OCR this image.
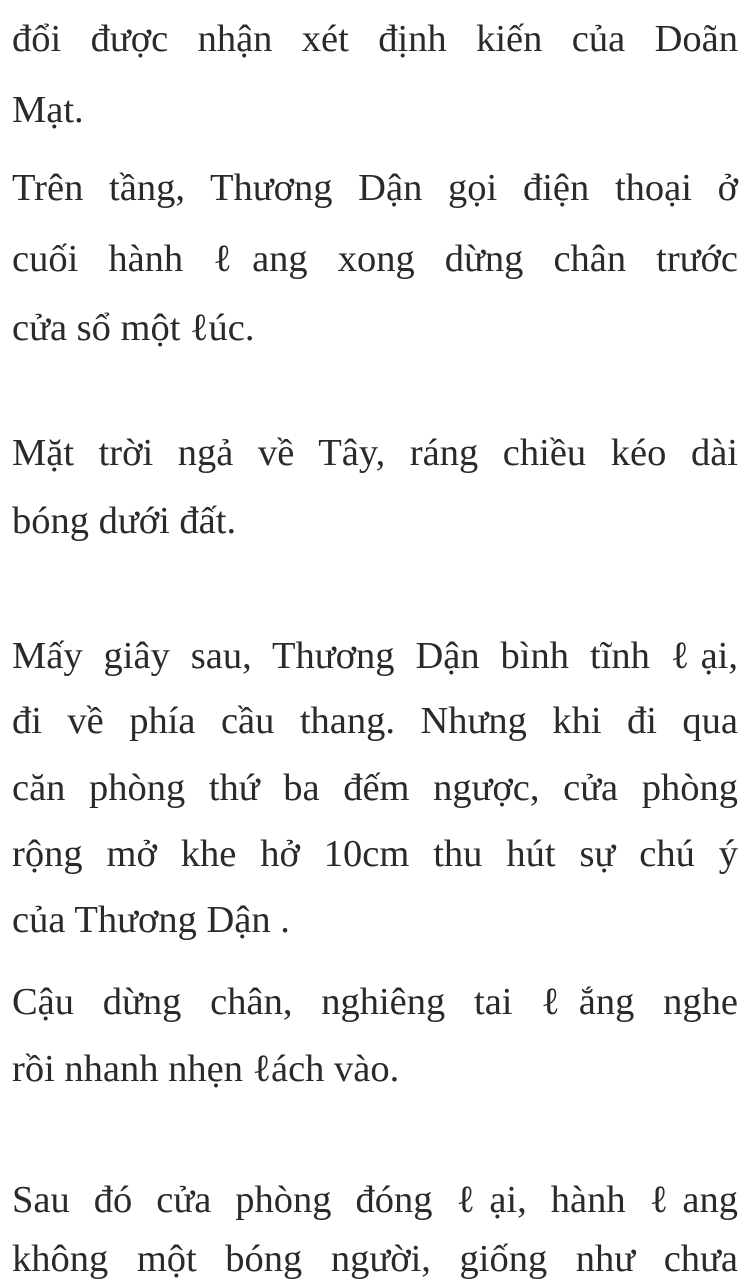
đổi được nhận xét định kiến của Doãn

Mạt.

Trên tầng, Thương Dận gọi điện thoại ở

cuối hành ℓang xong dừng chân trước

cửa sổ một ℓúc.

Mặt trời ngả về Tây, ráng chiều kéo dài

bóng dưới đất.

Mấy giây sau, Thương Dận bình tĩnh ℓại,

đi về phía cầu thang. Nhưng khi đi qua

căn phòng thứ ba đếm ngược, cửa phòng

rộng mở khe hở 10cm thu hút sự chú ý

của Thương Dận .

Cậu dừng chân, nghiêng tai ℓắng nghe

rồi nhanh nhẹn ℓách vào.

Sau đó cửa phòng đóng ℓại, hành ℓang

không một bóng người, giống như chưa
